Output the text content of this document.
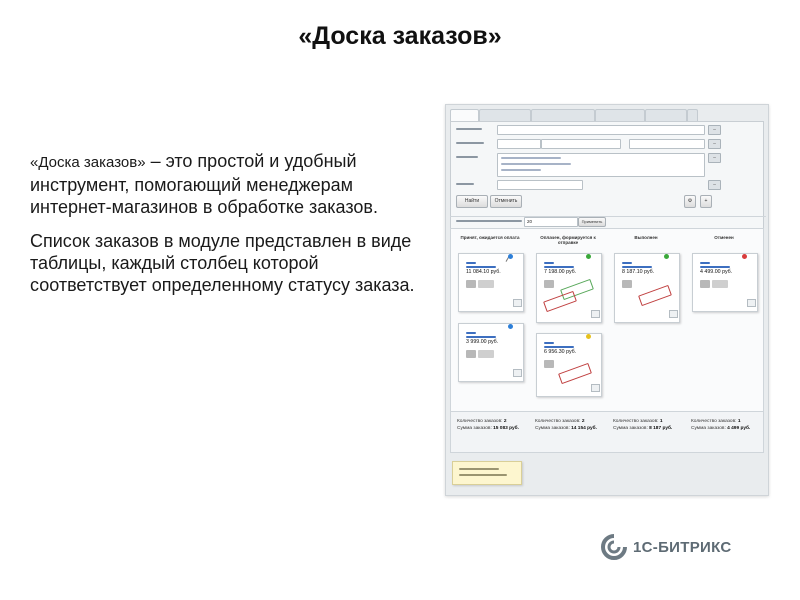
«Доска заказов»

«Доска заказов» – это простой и удобный инструмент, помогающий менеджерам интернет-магазинов в обработке заказов.

Список заказов в модуле представлен в виде таблицы, каждый столбец которой соответствует определенному статусу заказа.

–
–
–
–
Найти	Отменить	⚙	+
20	Применить
Принят, ожидается оплата	Оплачен, формируется к отправке
Выполнен	Отменен
11 084.10 руб.
3 999.00 руб.
7 198.00 руб.
6 956.30 руб.
8 187.10 руб.	4 499.00 руб.
Количество заказов: 2
Сумма заказов: 15 083 руб.
Количество заказов: 2
Сумма заказов: 14 154 руб.
Количество заказов: 1
Сумма заказов: 8 187 руб.
Количество заказов: 1
Сумма заказов: 4 499 руб.
1С-БИТРИКС
